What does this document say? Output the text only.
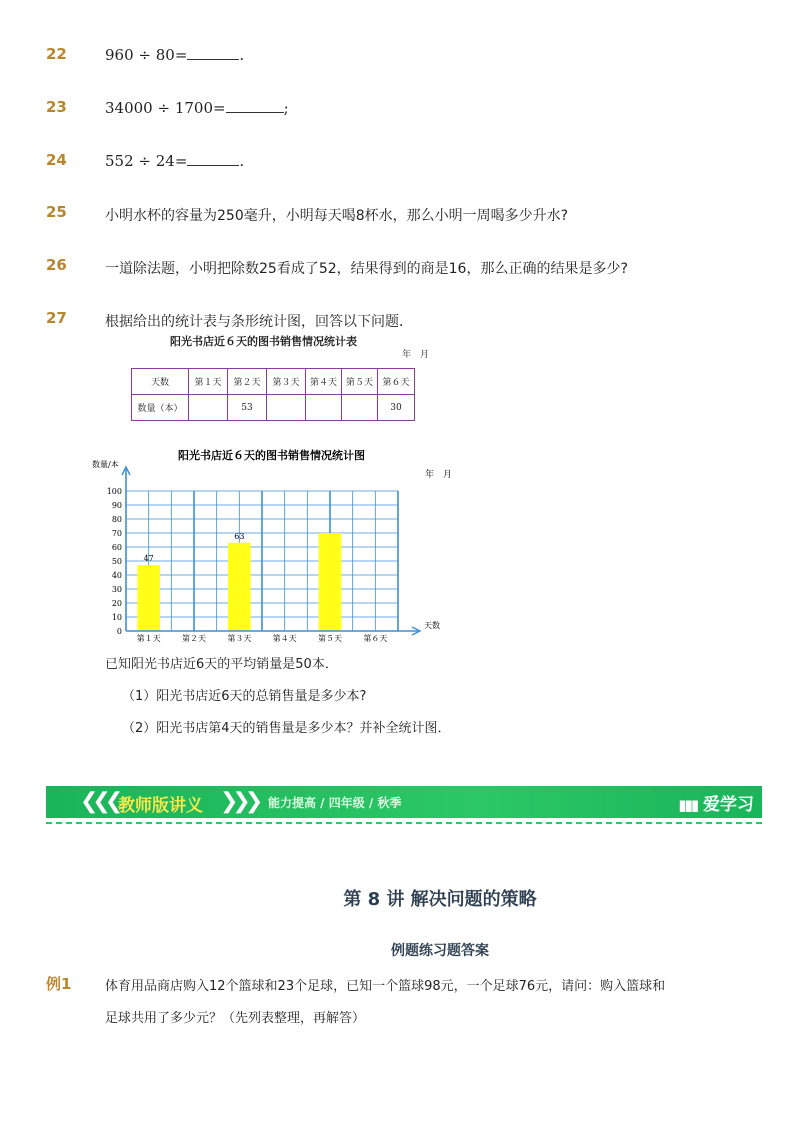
22	960 ÷ 80=	.
23	34000 ÷ 1700=	;
24	552 ÷ 24=	.
25	小明水杯的容量为250毫升，小明每天喝8杯水，那么小明一周喝多少升水?
26	一道除法题，小明把除数25看成了52，结果得到的商是16，那么正确的结果是多少?
27	根据给出的统计表与条形统计图，回答以下问题．
阳光书店近６天的图书销售情况统计表
年　月
天数	第１天	第２天	第３天	第４天	第５天	第６天
数量（本）		53				30
阳光书店近６天的图书销售情况统计图
年　月
数量/本
0
10
20
30
40
50
60
70
80
90
100
47
63
第１天	第２天	第３天	第４天	第５天	第６天
天数
已知阳光书店近6天的平均销量是50本．
（1）阳光书店近6天的总销售量是多少本?
（2）阳光书店第4天的销售量是多少本？并补全统计图．
❮❮❮ 教师版讲义 ❯❯❯ 能力提高 / 四年级 / 秋季	▮▮▮ 爱学习
第 8 讲 解决问题的策略
例题练习题答案
例1	体育用品商店购入12个篮球和23个足球，已知一个篮球98元，一个足球76元，请问：购入篮球和
足球共用了多少元？（先列表整理，再解答）
